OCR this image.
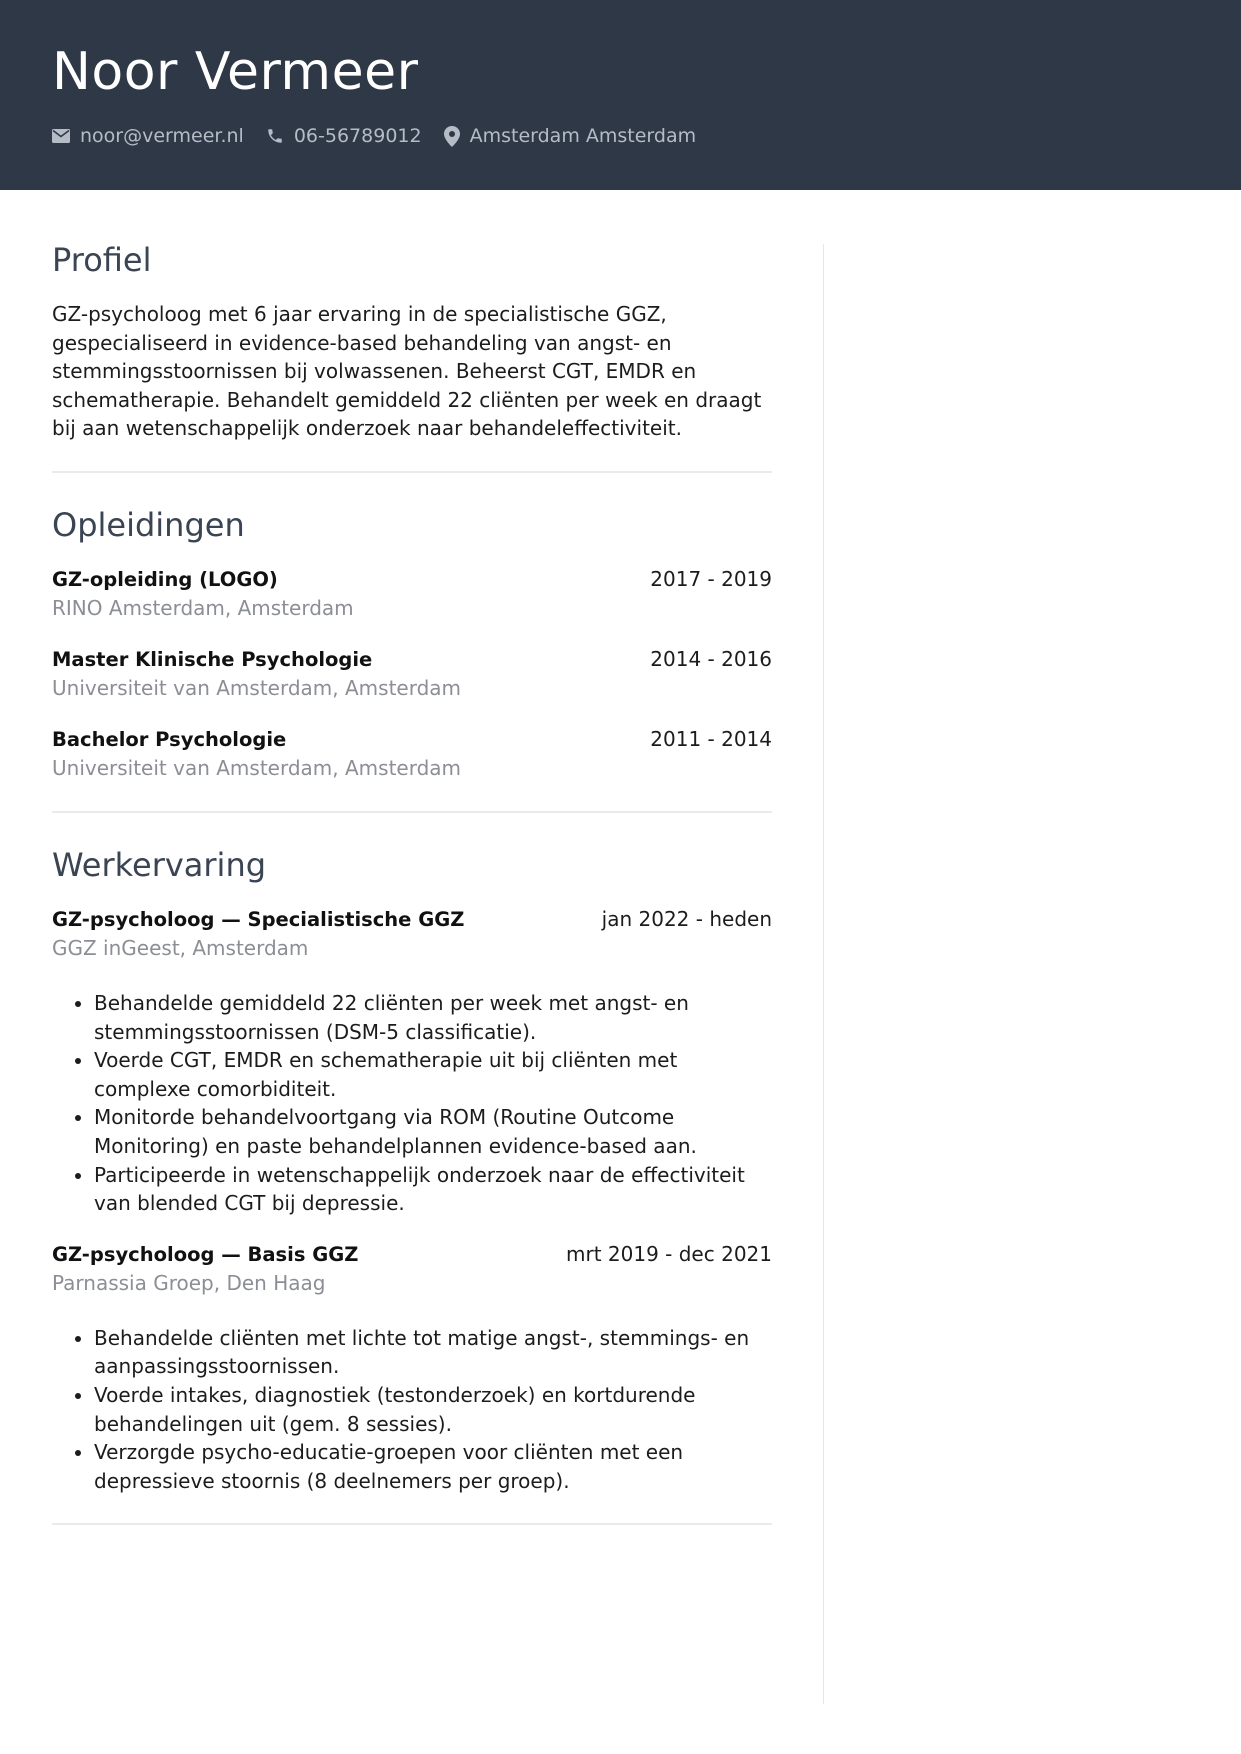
Noor Vermeer
noor@vermeer.nl	06-56789012	Amsterdam Amsterdam
Profiel

GZ-psycholoog met 6 jaar ervaring in de specialistische GGZ, gespecialiseerd in evidence-based behandeling van angst- en stemmingsstoornissen bij volwassenen. Beheerst CGT, EMDR en schematherapie. Behandelt gemiddeld 22 cliënten per week en draagt bij aan wetenschappelijk onderzoek naar behandeleffectiviteit.

Opleidingen
GZ-opleiding (LOGO)	2017 - 2019
RINO Amsterdam, Amsterdam
Master Klinische Psychologie	2014 - 2016
Universiteit van Amsterdam, Amsterdam
Bachelor Psychologie	2011 - 2014
Universiteit van Amsterdam, Amsterdam
Werkervaring
GZ-psycholoog — Specialistische GGZ	jan 2022 - heden
GGZ inGeest, Amsterdam
• Behandelde gemiddeld 22 cliënten per week met angst- en stemmingsstoornissen (DSM-5 classificatie).
• Voerde CGT, EMDR en schematherapie uit bij cliënten met complexe comorbiditeit.
• Monitorde behandelvoortgang via ROM (Routine Outcome Monitoring) en paste behandelplannen evidence-based aan.
• Participeerde in wetenschappelijk onderzoek naar de effectiviteit van blended CGT bij depressie.
GZ-psycholoog — Basis GGZ	mrt 2019 - dec 2021
Parnassia Groep, Den Haag
• Behandelde cliënten met lichte tot matige angst-, stemmings- en aanpassingsstoornissen.
• Voerde intakes, diagnostiek (testonderzoek) en kortdurende behandelingen uit (gem. 8 sessies).
• Verzorgde psycho-educatie-groepen voor cliënten met een depressieve stoornis (8 deelnemers per groep).
